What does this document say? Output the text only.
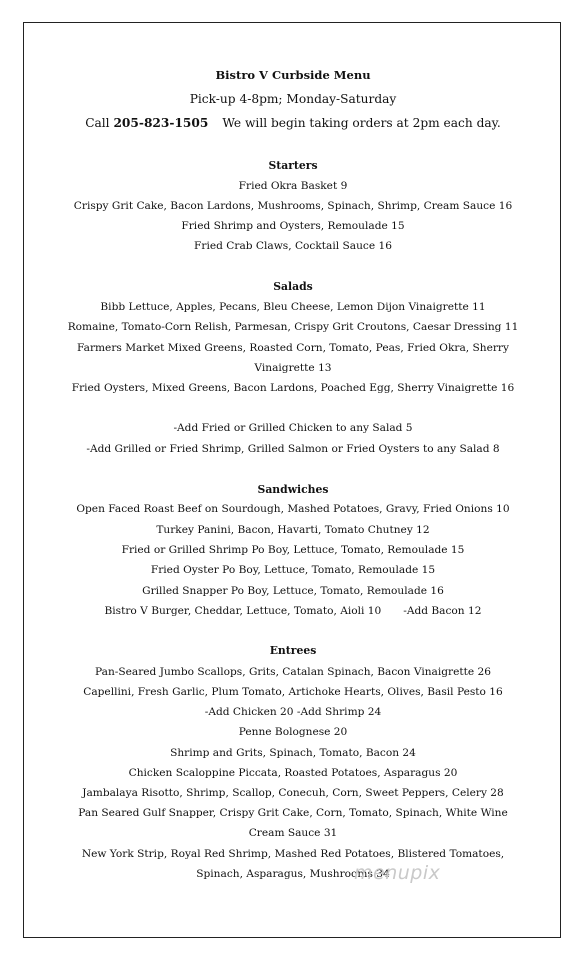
Bistro V Curbside Menu
Pick-up 4-8pm; Monday-Saturday
Call 205-823-1505 We will begin taking orders at 2pm each day.
Starters
Fried Okra Basket 9
Crispy Grit Cake, Bacon Lardons, Mushrooms, Spinach, Shrimp, Cream Sauce 16
Fried Shrimp and Oysters, Remoulade 15
Fried Crab Claws, Cocktail Sauce 16
Salads
Bibb Lettuce, Apples, Pecans, Bleu Cheese, Lemon Dijon Vinaigrette 11
Romaine, Tomato-Corn Relish, Parmesan, Crispy Grit Croutons, Caesar Dressing 11
Farmers Market Mixed Greens, Roasted Corn, Tomato, Peas, Fried Okra, Sherry
Vinaigrette 13
Fried Oysters, Mixed Greens, Bacon Lardons, Poached Egg, Sherry Vinaigrette 16
-Add Fried or Grilled Chicken to any Salad 5
-Add Grilled or Fried Shrimp, Grilled Salmon or Fried Oysters to any Salad 8
Sandwiches
Open Faced Roast Beef on Sourdough, Mashed Potatoes, Gravy, Fried Onions 10
Turkey Panini, Bacon, Havarti, Tomato Chutney 12
Fried or Grilled Shrimp Po Boy, Lettuce, Tomato, Remoulade 15
Fried Oyster Po Boy, Lettuce, Tomato, Remoulade 15
Grilled Snapper Po Boy, Lettuce, Tomato, Remoulade 16
Bistro V Burger, Cheddar, Lettuce, Tomato, Aioli 10 -Add Bacon 12
Entrees
Pan-Seared Jumbo Scallops, Grits, Catalan Spinach, Bacon Vinaigrette 26
Capellini, Fresh Garlic, Plum Tomato, Artichoke Hearts, Olives, Basil Pesto 16
-Add Chicken 20 -Add Shrimp 24
Penne Bolognese 20
Shrimp and Grits, Spinach, Tomato, Bacon 24
Chicken Scaloppine Piccata, Roasted Potatoes, Asparagus 20
Jambalaya Risotto, Shrimp, Scallop, Conecuh, Corn, Sweet Peppers, Celery 28
Pan Seared Gulf Snapper, Crispy Grit Cake, Corn, Tomato, Spinach, White Wine
Cream Sauce 31
New York Strip, Royal Red Shrimp, Mashed Red Potatoes, Blistered Tomatoes,
Spinach, Asparagus, Mushrooms 34
menupix
